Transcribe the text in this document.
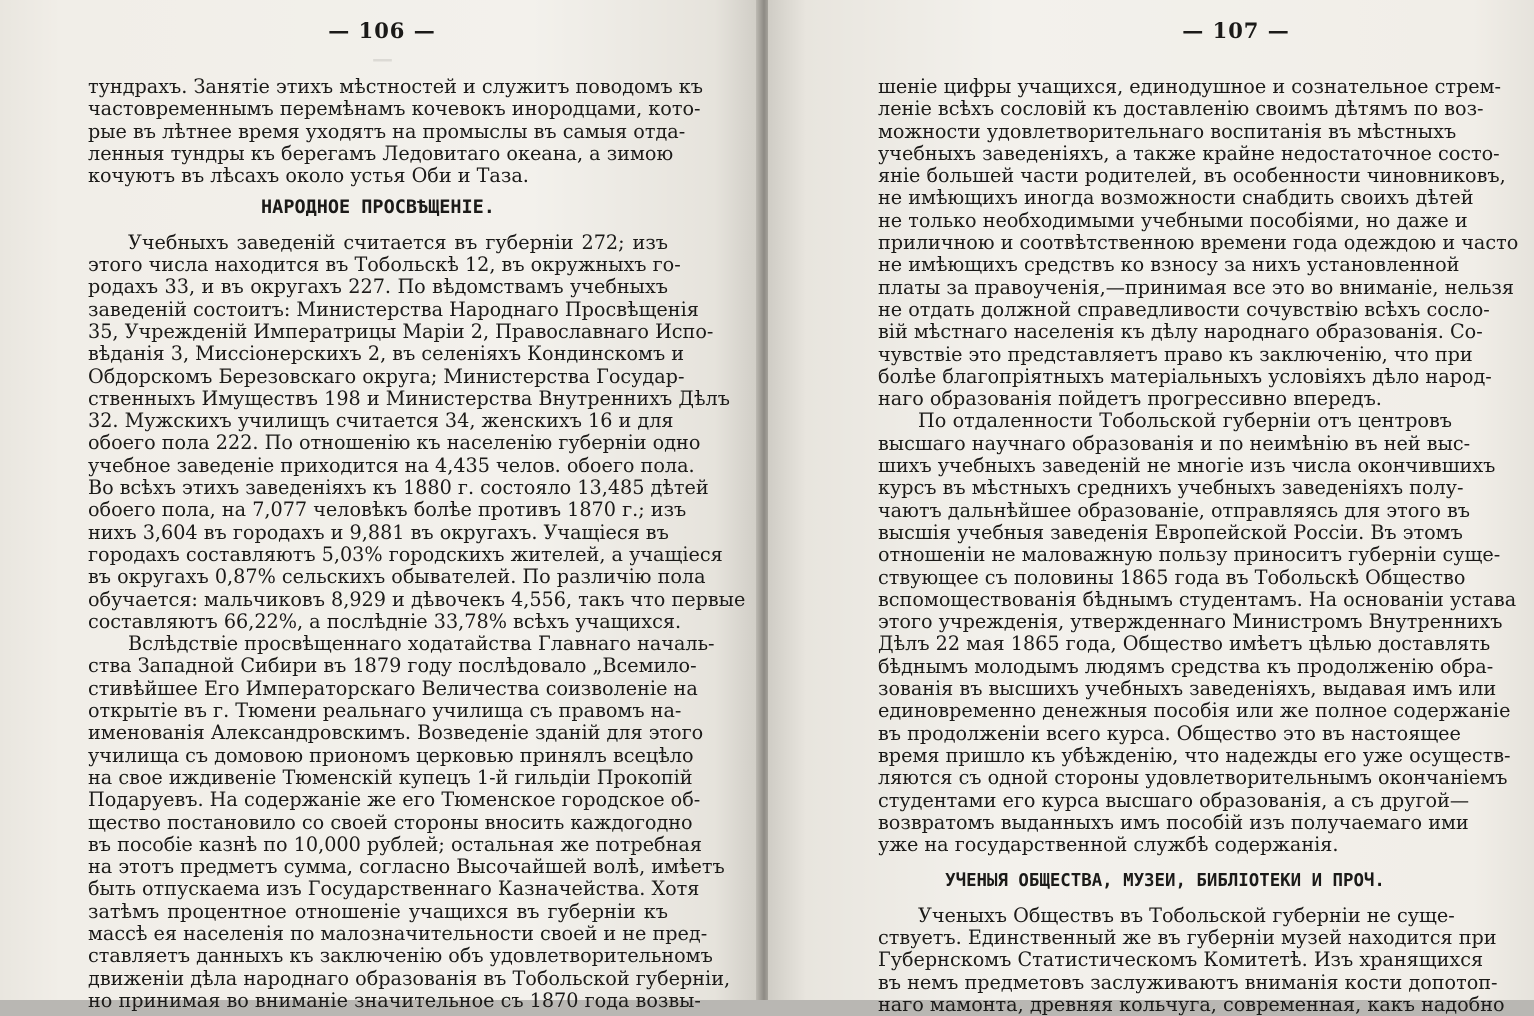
—
— 106 —
тундрахъ. Занятіе этихъ мѣстностей и служитъ поводомъ къ
частовременнымъ перемѣнамъ кочевокъ инородцами, кото-
рые въ лѣтнее время уходятъ на промыслы въ самыя отда-
ленныя тундры къ берегамъ Ледовитаго океана, а зимою
кочуютъ въ лѣсахъ около устья Оби и Таза.
НАРОДНОЕ ПРОСВѢЩЕНІЕ.
Учебныхъ заведеній считается въ губерніи 272; изъ
этого числа находится въ Тобольскѣ 12, въ окружныхъ го-
родахъ 33, и въ округахъ 227. По вѣдомствамъ учебныхъ
заведеній состоитъ: Министерства Народнаго Просвѣщенія
35, Учрежденій Императрицы Маріи 2, Православнаго Испо-
вѣданія 3, Миссіонерскихъ 2, въ селеніяхъ Кондинскомъ и
Обдорскомъ Березовскаго округа; Министерства Государ-
ственныхъ Имуществъ 198 и Министерства Внутреннихъ Дѣлъ
32. Мужскихъ училищъ считается 34, женскихъ 16 и для
обоего пола 222. По отношенію къ населенію губерніи одно
учебное заведеніе приходится на 4,435 челов. обоего пола.
Во всѣхъ этихъ заведеніяхъ къ 1880 г. состояло 13,485 дѣтей
обоего пола, на 7,077 человѣкъ болѣе противъ 1870 г.; изъ
нихъ 3,604 въ городахъ и 9,881 въ округахъ. Учащіеся въ
городахъ составляютъ 5,03% городскихъ жителей, а учащіеся
въ округахъ 0,87% сельскихъ обывателей. По различію пола
обучается: мальчиковъ 8,929 и дѣвочекъ 4,556, такъ что первые
составляютъ 66,22%, а послѣдніе 33,78% всѣхъ учащихся.
Вслѣдствіе просвѣщеннаго ходатайства Главнаго началь-
ства Западной Сибири въ 1879 году послѣдовало „Всемило-
стивѣйшее Его Императорскаго Величества соизволеніе на
открытіе въ г. Тюмени реальнаго училища съ правомъ на-
именованія Александровскимъ. Возведеніе зданій для этого
училища съ домовою приономъ церковью принялъ всецѣло
на свое иждивеніе Тюменскій купецъ 1-й гильдіи Прокопій
Подаруевъ. На содержаніе же его Тюменское городское об-
щество постановило со своей стороны вносить каждогодно
въ пособіе казнѣ по 10,000 рублей; остальная же потребная
на этотъ предметъ сумма, согласно Высочайшей волѣ, имѣетъ
быть отпускаема изъ Государственнаго Казначейства. Хотя
затѣмъ процентное отношеніе учащихся въ губерніи къ
массѣ ея населенія по малозначительности своей и не пред-
ставляетъ данныхъ къ заключенію объ удовлетворительномъ
движеніи дѣла народнаго образованія въ Тобольской губерніи,
но принимая во вниманіе значительное съ 1870 года возвы-
— 107 —
шеніе цифры учащихся, единодушное и сознательное стрем-
леніе всѣхъ сословій къ доставленію своимъ дѣтямъ по воз-
можности удовлетворительнаго воспитанія въ мѣстныхъ
учебныхъ заведеніяхъ, а также крайне недостаточное состо-
яніе большей части родителей, въ особенности чиновниковъ,
не имѣющихъ иногда возможности снабдить своихъ дѣтей
не только необходимыми учебными пособіями, но даже и
приличною и соотвѣтственною времени года одеждою и часто
не имѣющихъ средствъ ко взносу за нихъ установленной
платы за правоученія,—принимая все это во вниманіе, нельзя
не отдать должной справедливости сочувствію всѣхъ сосло-
вій мѣстнаго населенія къ дѣлу народнаго образованія. Со-
чувствіе это представляетъ право къ заключенію, что при
болѣе благопріятныхъ матеріальныхъ условіяхъ дѣло народ-
наго образованія пойдетъ прогрессивно впередъ.
По отдаленности Тобольской губерніи отъ центровъ
высшаго научнаго образованія и по неимѣнію въ ней выс-
шихъ учебныхъ заведеній не многіе изъ числа окончившихъ
курсъ въ мѣстныхъ среднихъ учебныхъ заведеніяхъ полу-
чаютъ дальнѣйшее образованіе, отправляясь для этого въ
высшія учебныя заведенія Европейской Россіи. Въ этомъ
отношеніи не маловажную пользу приноситъ губерніи суще-
ствующее съ половины 1865 года въ Тобольскѣ Общество
вспомоществованія бѣднымъ студентамъ. На основаніи устава
этого учрежденія, утвержденнаго Министромъ Внутреннихъ
Дѣлъ 22 мая 1865 года, Общество имѣетъ цѣлью доставлять
бѣднымъ молодымъ людямъ средства къ продолженію обра-
зованія въ высшихъ учебныхъ заведеніяхъ, выдавая имъ или
единовременно денежныя пособія или же полное содержаніе
въ продолженіи всего курса. Общество это въ настоящее
время пришло къ убѣжденію, что надежды его уже осуществ-
ляются съ одной стороны удовлетворительнымъ окончаніемъ
студентами его курса высшаго образованія, а съ другой—
возвратомъ выданныхъ имъ пособій изъ получаемаго ими
уже на государственной службѣ содержанія.
УЧЕНЫЯ ОБЩЕСТВА, МУЗЕИ, БИБЛІОТЕКИ И ПРОЧ.
Ученыхъ Обществъ въ Тобольской губерніи не суще-
ствуетъ. Единственный же въ губерніи музей находится при
Губернскомъ Статистическомъ Комитетѣ. Изъ хранящихся
въ немъ предметовъ заслуживаютъ вниманія кости допотоп-
наго мамонта, древняя кольчуга, современная, какъ надобно
